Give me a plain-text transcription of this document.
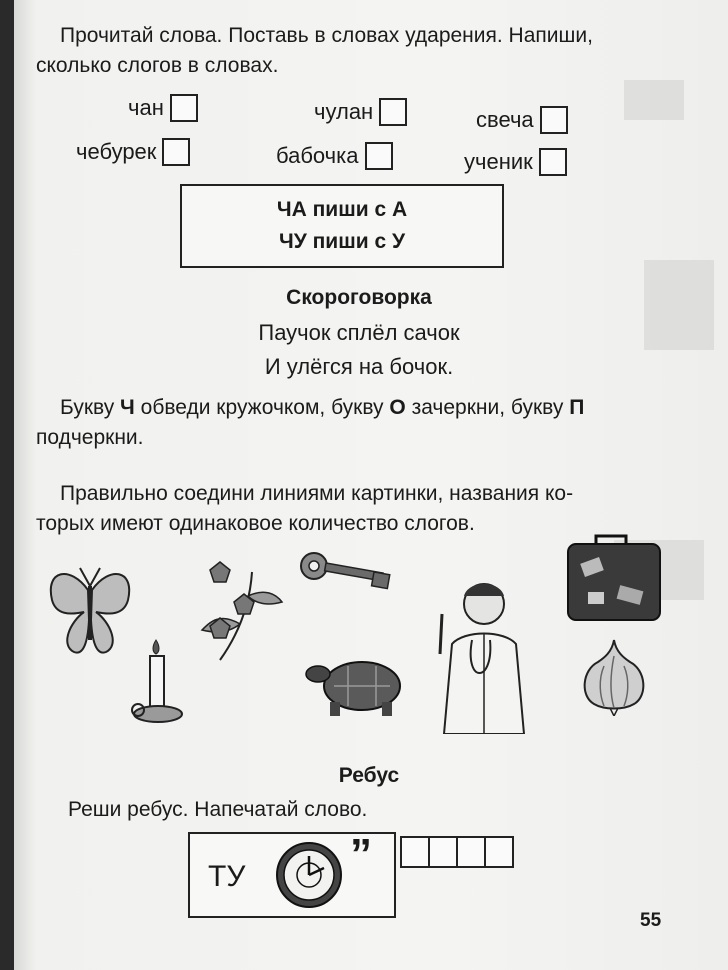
Прочитай слова. Поставь в словах ударения. Напиши,

сколько слогов в словах.

чан	чулан	свеча
чебурек	бабочка	ученик
ЧА пиши с А
ЧУ пиши с У
Скороговорка
Паучок сплёл сачок
И улёгся на бочок.

Букву Ч обведи кружочком, букву О зачеркни, букву П

подчеркни.

Правильно соедини линиями картинки, названия ко-

торых имеют одинаковое количество слогов.

Ребус

Реши ребус. Напечатай слово.

ТУ ”
55
